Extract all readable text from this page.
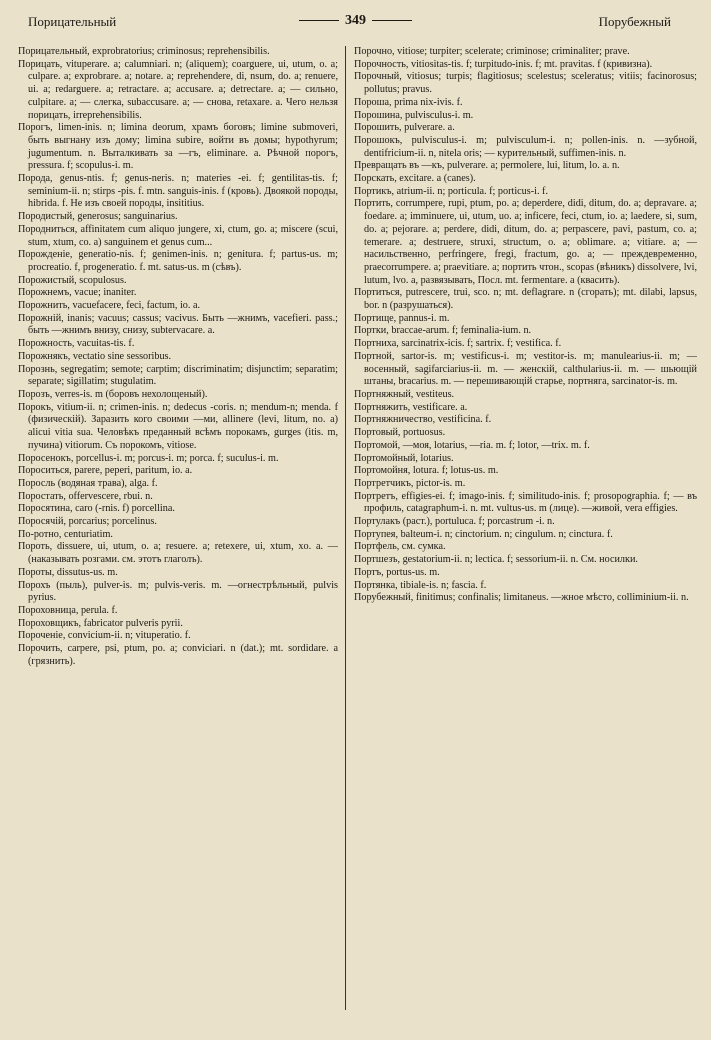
Порицательный	349	Порубежный

Порицательный, exprobratorius; criminosus; reprehensibilis.

Порицать, vituperare. a; calumniari. n; (aliquem); coarguere, ui, utum, o. a; culpare. a; exprobrare. a; notare. a; reprehendere, di, nsum, do. a; renuere, ui. a; redarguere. a; retractare. a; accusare. a; detrectare. a; — сильно, culpitare. a; — слегка, subaccusare. a; — снова, retaxare. a. Чего нельзя порицать, irreprehensibilis.

Порогъ, limen-inis. n; limina deorum, храмъ боговъ; limine submoveri, быть выгнану изъ дому; limina subire, войти въ домы; hypothyrum; jugumentum. n. Выталкивать за —гъ, eliminare. a. Рѣчной порогъ, pressura. f; scopulus-i. m.

Порода, genus-ntis. f; genus-neris. n; materies -ei. f; gentilitas-tis. f; seminium-ii. n; stirps -pis. f. mtn. sanguis-inis. f (кровь). Двоякой породы, hibrida. f. Не изъ своей породы, insititius.

Породистый, generosus; sanguinarius.

Породниться, affinitatem cum aliquo jungere, xi, ctum, go. a; miscere (scui, stum, xtum, co. a) sanguinem et genus cum...

Порожденіе, generatio-nis. f; genimen-inis. n; genitura. f; partus-us. m; procreatio. f, progeneratio. f. mt. satus-us. m (сѣвъ).

Порожистый, scopulosus.

Порожнемъ, vacue; inaniter.

Порожнить, vacuefacere, feci, factum, io. a.

Порожній, inanis; vacuus; cassus; vacivus. Быть —жнимъ, vacefieri. pass.; быть —жнимъ внизу, снизу, subtervacare. a.

Порожность, vacuitas-tis. f.

Порожнякъ, vectatio sine sessoribus.

Порознь, segregatim; semote; carptim; discriminatim; disjunctim; separatim; separate; sigillatim; stugulatim.

Порозъ, verres-is. m (боровъ нехолощеный).

Порокъ, vitium-ii. n; crimen-inis. n; dedecus -coris. n; mendum-n; menda. f (физическій). Заразить кого своими —ми, allinere (levi, litum, no. a) alicui vitia sua. Человѣкъ преданный всѣмъ порокамъ, gurges (itis. m, пучина) vitiorum. Съ порокомъ, vitiose.

Поросенокъ, porcellus-i. m; porcus-i. m; porca. f; suculus-i. m.

Пороситься, parere, peperi, paritum, io. a.

Поросль (водяная трава), alga. f.

Поростать, offervescere, rbui. n.

Поросятина, caro (-rnis. f) porcellina.

Поросячій, porcarius; porcelinus.

По-ротно, centuriatim.

Пороть, dissuere, ui, utum, o. a; resuere. a; retexere, ui, xtum, xo. a. — (наказывать розгами. см. этотъ глаголъ).

Пороты, dissutus-us. m.

Порохъ (пыль), pulver-is. m; pulvis-veris. m. —огнестрѣльный, pulvis pyrius.

Пороховница, perula. f.

Пороховщикъ, fabricator pulveris pyrii.

Пороченіе, convicium-ii. n; vituperatio. f.

Порочить, carpere, psi, ptum, po. a; conviciari. n (dat.); mt. sordidare. a (грязнить).

Порочно, vitiose; turpiter; scelerate; criminose; criminaliter; prave.

Порочность, vitiositas-tis. f; turpitudo-inis. f; mt. pravitas. f (кривизна).

Порочный, vitiosus; turpis; flagitiosus; scelestus; sceleratus; vitiis; facinorosus; pollutus; pravus.

Пороша, prima nix-ivis. f.

Порошина, pulvisculus-i. m.

Порошить, pulverare. a.

Порошокъ, pulvisculus-i. m; pulvisculum-i. n; pollen-inis. n. —зубной, dentifricium-ii. n, nitela oris; — курительный, suffimen-inis. n.

Превращать въ —къ, pulverare. a; permolere, lui, litum, lo. a. n.

Порскать, excitare. a (canes).

Портикъ, atrium-ii. n; porticula. f; porticus-i. f.

Портить, corrumpere, rupi, ptum, po. a; deperdere, didi, ditum, do. a; depravare. a; foedare. a; imminuere, ui, utum, uo. a; inficere, feci, ctum, io. a; laedere, si, sum, do. a; pejorare. a; perdere, didi, ditum, do. a; perpascere, pavi, pastum, co. a; temerare. a; destruere, struxi, structum, o. a; oblimare. a; vitiare. a; — насильственно, perfringere, fregi, fractum, go. a; — преждевременно, praecorrumpere. a; praevitiare. a; портить чтон., scopas (вѣникъ) dissolvere, lvi, lutum, lvo. a, развязывать, Посл. mt. fermentare. a (квасить).

Портиться, putrescere, trui, sco. n; mt. deflagrare. n (сгорать); mt. dilabi, lapsus, bor. n (разрушаться).

Портище, pannus-i. m.

Портки, braccae-arum. f; feminalia-ium. n.

Портниха, sarcinatrix-icis. f; sartrix. f; vestifica. f.

Портной, sartor-is. m; vestificus-i. m; vestitor-is. m; manulearius-ii. m; — восенный, sagifarciarius-ii. m. — женскій, calthularius-ii. m. — шьющій штаны, bracarius. m. — перешивающій старье, портняга, sarcinator-is. m.

Портняжный, vestiteus.

Портняжить, vestificare. a.

Портняжничество, vestificina. f.

Портовый, portuosus.

Портомой, —моя, lotarius, —ria. m. f; lotor, —trix. m. f.

Портомойный, lotarius.

Портомойня, lotura. f; lotus-us. m.

Портретчикъ, pictor-is. m.

Портретъ, effigies-ei. f; imago-inis. f; similitudo-inis. f; prosopographia. f; — въ профиль, catagraphum-i. n. mt. vultus-us. m (лице). —живой, vera effigies.

Портулакъ (раст.), portuluca. f; porcastrum -i. n.

Портупея, balteum-i. n; cinctorium. n; cingulum. n; cinctura. f.

Портфель, см. сумка.

Портшезъ, gestatorium-ii. n; lectica. f; sessorium-ii. n. См. носилки.

Портъ, portus-us. m.

Портянка, tibiale-is. n; fascia. f.

Порубежный, finitimus; confinalis; limitaneus. —жное мѣсто, colliminium-ii. n.
